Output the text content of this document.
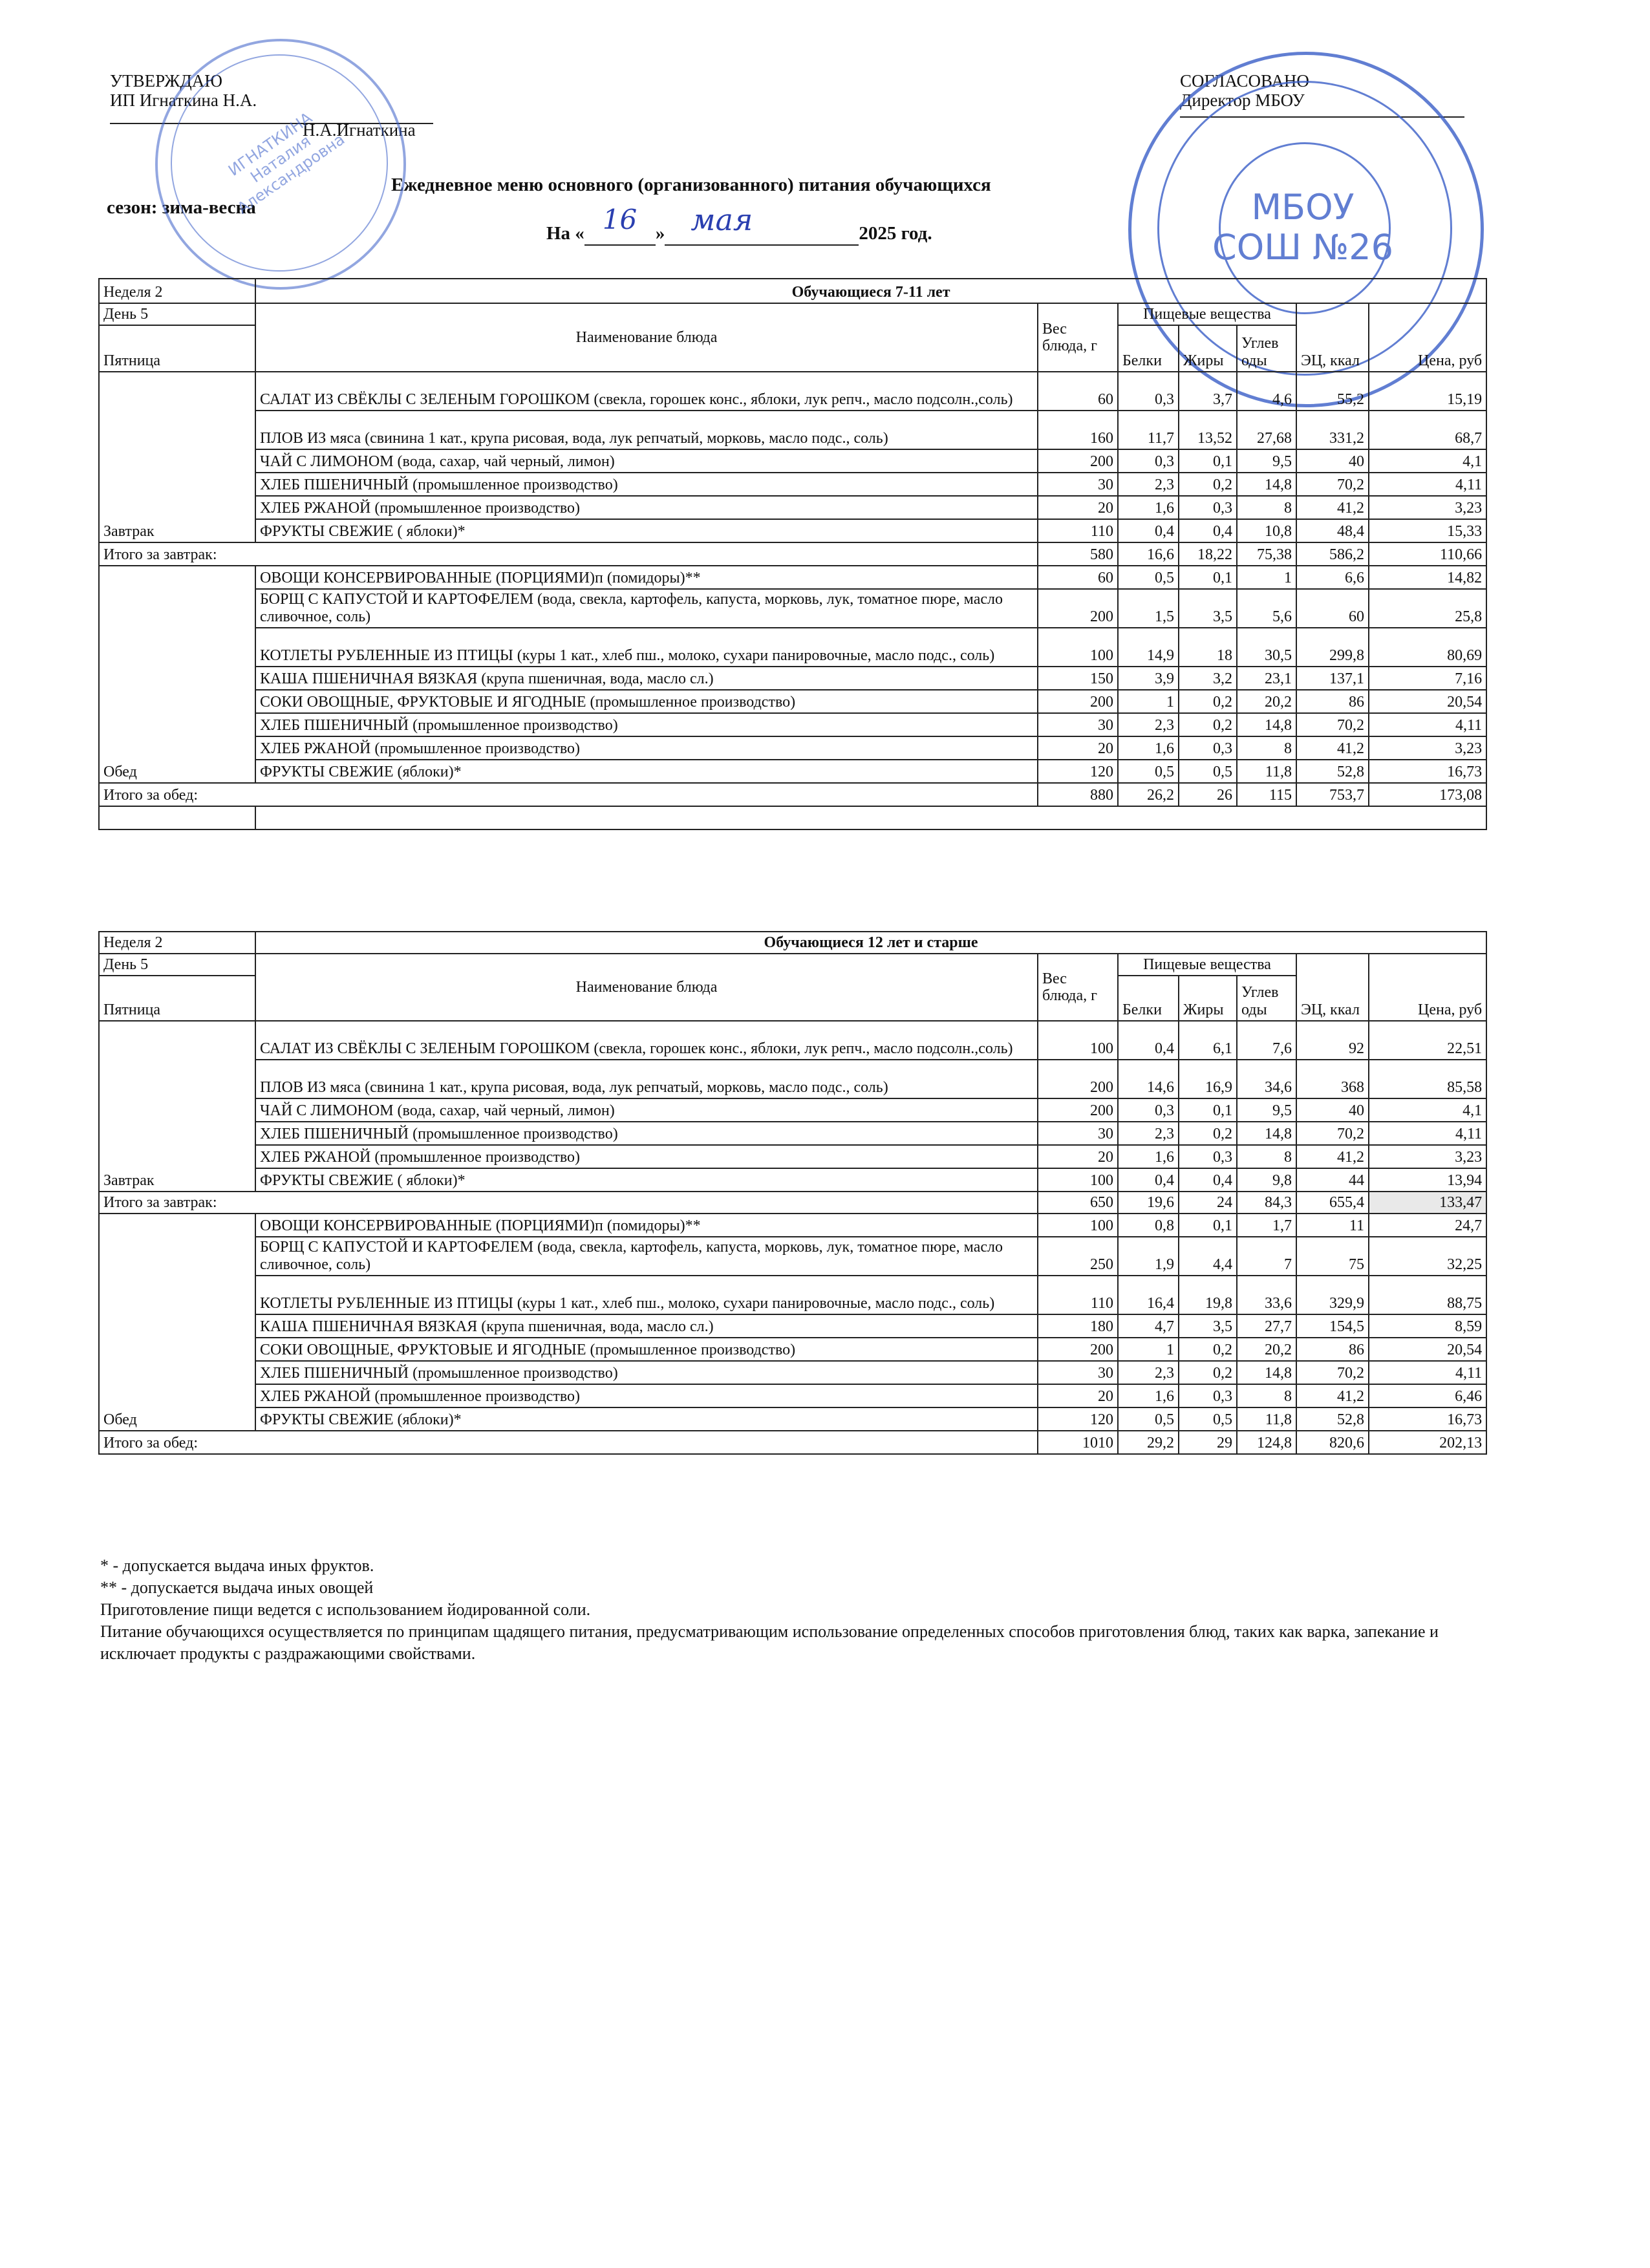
УТВЕРЖДАЮ
ИП Игнаткина Н.А.
Н.А.Игнаткина
СОГЛАСОВАНО
Директор МБОУ
Ежедневное меню основного (организованного) питания обучающихся
сезон: зима-весна
На « 16 » мая	2025 год.
ИГНАТКИНА Наталия Александровна	МБОУ
СОШ №26
Неделя 2	Обучающиеся 7-11 лет						
День 5	Наименование блюда	Вес блюда, г	Пищевые вещества				
Пятница			Белки	Жиры	Углев оды	ЭЦ, ккал	Цена, руб
Завтрак	САЛАТ ИЗ СВЁКЛЫ С ЗЕЛЕНЫМ ГОРОШКОМ (свекла, горошек конс., яблоки, лук репч., масло подсолн.,соль)	60	0,3	3,7	4,6	55,2	15,19
	ПЛОВ ИЗ мяса (свинина 1 кат., крупа рисовая, вода, лук репчатый, морковь, масло подс., соль)	160	11,7	13,52	27,68	331,2	68,7
	ЧАЙ С ЛИМОНОМ (вода, сахар, чай черный, лимон)	200	0,3	0,1	9,5	40	4,1
	ХЛЕБ ПШЕНИЧНЫЙ (промышленное производство)	30	2,3	0,2	14,8	70,2	4,11
	ХЛЕБ РЖАНОЙ (промышленное производство)	20	1,6	0,3	8	41,2	3,23
	ФРУКТЫ СВЕЖИЕ ( яблоки)*	110	0,4	0,4	10,8	48,4	15,33
Итого за завтрак:		580	16,6	18,22	75,38	586,2	110,66
Обед	ОВОЩИ КОНСЕРВИРОВАННЫЕ (ПОРЦИЯМИ)п (помидоры)**	60	0,5	0,1	1	6,6	14,82
	БОРЩ С КАПУСТОЙ И КАРТОФЕЛЕМ (вода, свекла, картофель, капуста, морковь, лук, томатное пюре, масло сливочное, соль)	200	1,5	3,5	5,6	60	25,8
	КОТЛЕТЫ РУБЛЕННЫЕ ИЗ ПТИЦЫ (куры 1 кат., хлеб пш., молоко, сухари панировочные, масло подс., соль)	100	14,9	18	30,5	299,8	80,69
	КАША ПШЕНИЧНАЯ ВЯЗКАЯ (крупа пшеничная, вода, масло сл.)	150	3,9	3,2	23,1	137,1	7,16
	СОКИ ОВОЩНЫЕ, ФРУКТОВЫЕ И ЯГОДНЫЕ (промышленное производство)	200	1	0,2	20,2	86	20,54
	ХЛЕБ ПШЕНИЧНЫЙ (промышленное производство)	30	2,3	0,2	14,8	70,2	4,11
	ХЛЕБ РЖАНОЙ (промышленное производство)	20	1,6	0,3	8	41,2	3,23
	ФРУКТЫ СВЕЖИЕ (яблоки)*	120	0,5	0,5	11,8	52,8	16,73
Итого за обед:		880	26,2	26	115	753,7	173,08

Неделя 2	Обучающиеся 12 лет и старше						
День 5	Наименование блюда	Вес блюда, г	Пищевые вещества				
Пятница			Белки	Жиры	Углев оды	ЭЦ, ккал	Цена, руб
Завтрак	САЛАТ ИЗ СВЁКЛЫ С ЗЕЛЕНЫМ ГОРОШКОМ (свекла, горошек конс., яблоки, лук репч., масло подсолн.,соль)	100	0,4	6,1	7,6	92	22,51
	ПЛОВ ИЗ мяса (свинина 1 кат., крупа рисовая, вода, лук репчатый, морковь, масло подс., соль)	200	14,6	16,9	34,6	368	85,58
	ЧАЙ С ЛИМОНОМ (вода, сахар, чай черный, лимон)	200	0,3	0,1	9,5	40	4,1
	ХЛЕБ ПШЕНИЧНЫЙ (промышленное производство)	30	2,3	0,2	14,8	70,2	4,11
	ХЛЕБ РЖАНОЙ (промышленное производство)	20	1,6	0,3	8	41,2	3,23
	ФРУКТЫ СВЕЖИЕ ( яблоки)*	100	0,4	0,4	9,8	44	13,94
Итого за завтрак:		650	19,6	24	84,3	655,4	133,47
Обед	ОВОЩИ КОНСЕРВИРОВАННЫЕ (ПОРЦИЯМИ)п (помидоры)**	100	0,8	0,1	1,7	11	24,7
	БОРЩ С КАПУСТОЙ И КАРТОФЕЛЕМ (вода, свекла, картофель, капуста, морковь, лук, томатное пюре, масло сливочное, соль)	250	1,9	4,4	7	75	32,25
	КОТЛЕТЫ РУБЛЕННЫЕ ИЗ ПТИЦЫ (куры 1 кат., хлеб пш., молоко, сухари панировочные, масло подс., соль)	110	16,4	19,8	33,6	329,9	88,75
	КАША ПШЕНИЧНАЯ ВЯЗКАЯ (крупа пшеничная, вода, масло сл.)	180	4,7	3,5	27,7	154,5	8,59
	СОКИ ОВОЩНЫЕ, ФРУКТОВЫЕ И ЯГОДНЫЕ (промышленное производство)	200	1	0,2	20,2	86	20,54
	ХЛЕБ ПШЕНИЧНЫЙ (промышленное производство)	30	2,3	0,2	14,8	70,2	4,11
	ХЛЕБ РЖАНОЙ (промышленное производство)	20	1,6	0,3	8	41,2	6,46
	ФРУКТЫ СВЕЖИЕ (яблоки)*	120	0,5	0,5	11,8	52,8	16,73
Итого за обед:		1010	29,2	29	124,8	820,6	202,13
* - допускается выдача иных фруктов.
** - допускается выдача иных овощей
Приготовление пищи ведется с использованием йодированной соли.
Питание обучающихся осуществляется по принципам щадящего питания, предусматривающим использование определенных способов приготовления блюд, таких как варка, запекание и исключает продукты с раздражающими свойствами.
